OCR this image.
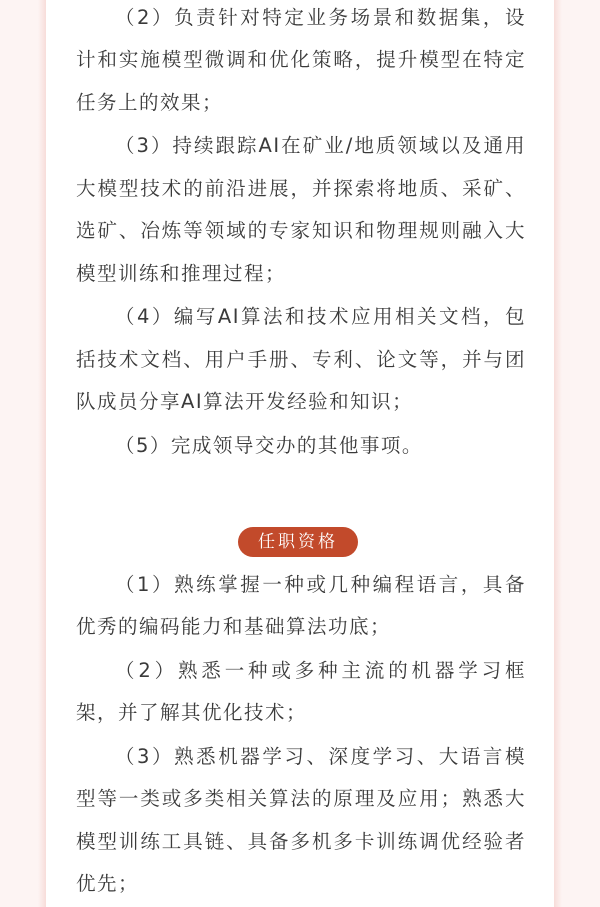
（2）负责针对特定业务场景和数据集，设计和实施模型微调和优化策略，提升模型在特定任务上的效果；

（3）持续跟踪AI在矿业/地质领域以及通用大模型技术的前沿进展，并探索将地质、采矿、选矿、冶炼等领域的专家知识和物理规则融入大模型训练和推理过程；

（4）编写AI算法和技术应用相关文档，包括技术文档、用户手册、专利、论文等，并与团队成员分享AI算法开发经验和知识；

（5）完成领导交办的其他事项。

任职资格

（1）熟练掌握一种或几种编程语言，具备优秀的编码能力和基础算法功底；

（2）熟悉一种或多种主流的机器学习框架，并了解其优化技术；

（3）熟悉机器学习、深度学习、大语言模型等一类或多类相关算法的原理及应用；熟悉大模型训练工具链、具备多机多卡训练调优经验者优先；
